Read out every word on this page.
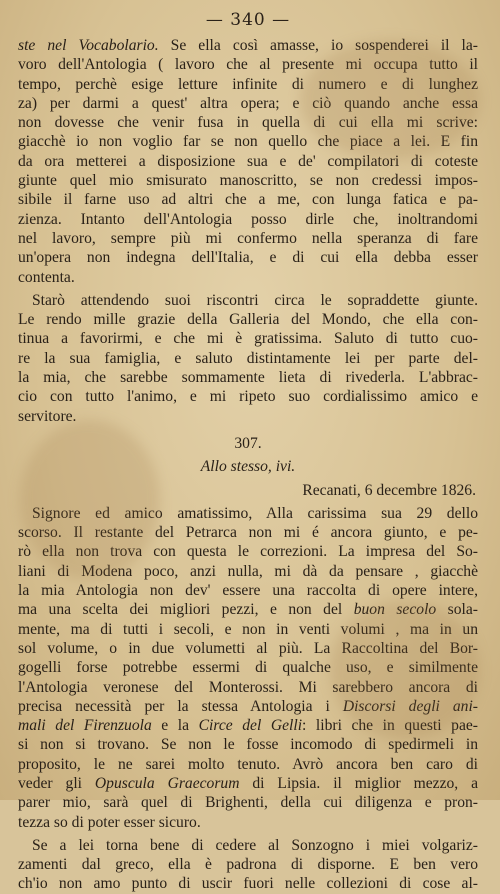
— 340 —
ste nel Vocabolario. Se ella così amasse, io sospenderei il la-
voro dell'Antologia ( lavoro che al presente mi occupa tutto il
tempo, perchè esige letture infinite di numero e di lunghez
za) per darmi a quest' altra opera; e ciò quando anche essa
non dovesse che venir fusa in quella di cui ella mi scrive:
giacchè io non voglio far se non quello che piace a lei. E fin
da ora metterei a disposizione sua e de' compilatori di coteste
giunte quel mio smisurato manoscritto, se non credessi impos-
sibile il farne uso ad altri che a me, con lunga fatica e pa-
zienza. Intanto dell'Antologia posso dirle che, inoltrandomi
nel lavoro, sempre più mi confermo nella speranza di fare
un'opera non indegna dell'Italia, e di cui ella debba esser
contenta.
Starò attendendo suoi riscontri circa le sopraddette giunte.
Le rendo mille grazie della Galleria del Mondo, che ella con-
tinua a favorirmi, e che mi è gratissima. Saluto di tutto cuo-
re la sua famiglia, e saluto distintamente lei per parte del-
la mia, che sarebbe sommamente lieta di rivederla. L'abbrac-
cio con tutto l'animo, e mi ripeto suo cordialissimo amico e
servitore.
307.
Allo stesso, ivi.
Recanati, 6 decembre 1826.
Signore ed amico amatissimo, Alla carissima sua 29 dello
scorso. Il restante del Petrarca non mi é ancora giunto, e pe-
rò ella non trova con questa le correzioni. La impresa del So-
liani di Modena poco, anzi nulla, mi dà da pensare , giacchè
la mia Antologia non dev' essere una raccolta di opere intere,
ma una scelta dei migliori pezzi, e non del buon secolo sola-
mente, ma di tutti i secoli, e non in venti volumi , ma in un
sol volume, o in due volumetti al più. La Raccoltina del Bor-
gogelli forse potrebbe essermi di qualche uso, e similmente
l'Antologia veronese del Monterossi. Mi sarebbero ancora di
precisa necessità per la stessa Antologia i Discorsi degli ani-
mali del Firenzuola e la Circe del Gelli: libri che in questi pae-
si non si trovano. Se non le fosse incomodo di spedirmeli in
proposito, le ne sarei molto tenuto. Avrò ancora ben caro di
veder gli Opuscula Graecorum di Lipsia. il miglior mezzo, a
parer mio, sarà quel di Brighenti, della cui diligenza e pron-
tezza so di poter esser sicuro.
Se a lei torna bene di cedere al Sonzogno i miei volgariz-
zamenti dal greco, ella è padrona di disporne. E ben vero
ch'io non amo punto di uscir fuori nelle collezioni di cose al-
